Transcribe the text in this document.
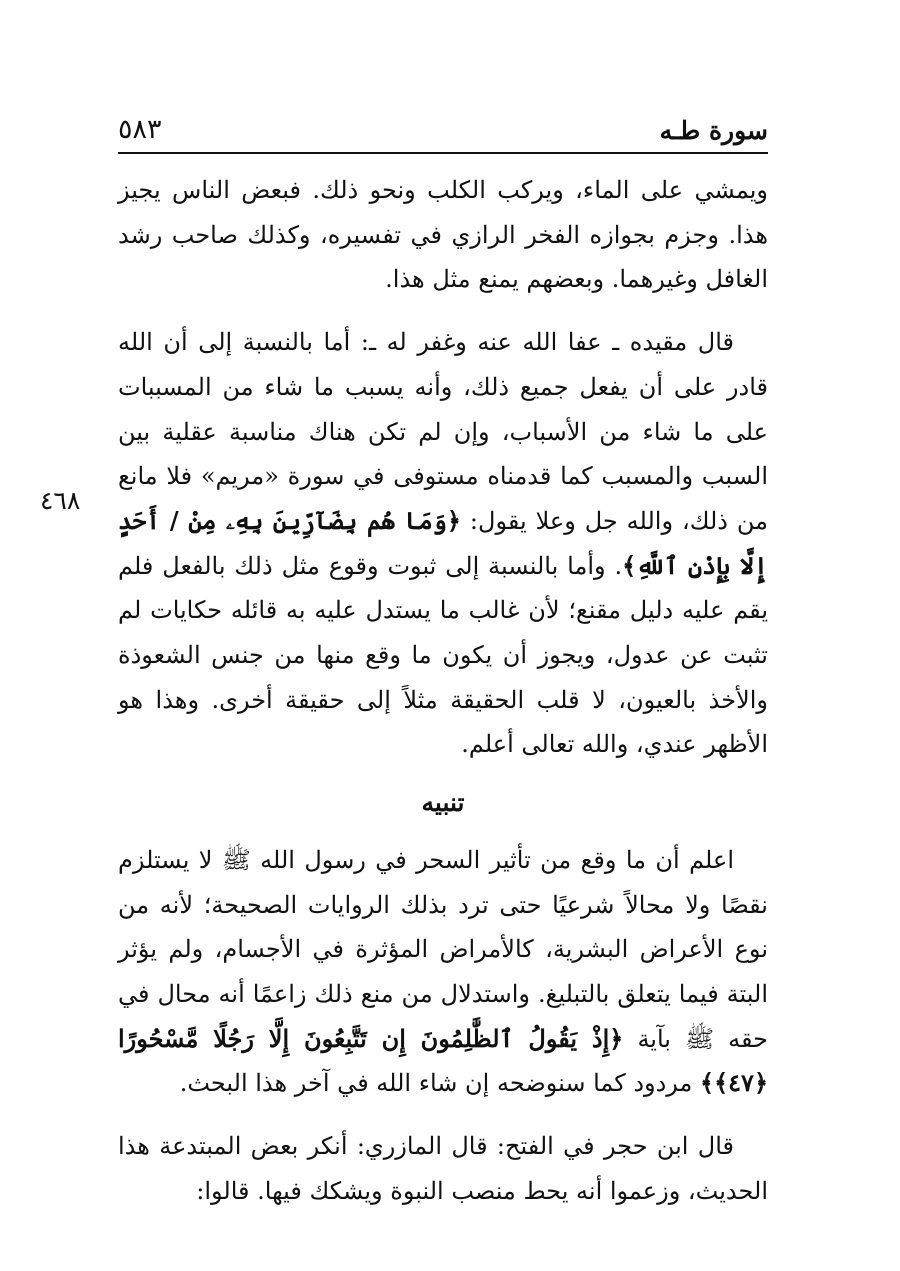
سورة طـه
٥٨٣
٤٦٨

ويمشي على الماء، ويركب الكلب ونحو ذلك. فبعض الناس يجيز هذا. وجزم بجوازه الفخر الرازي في تفسيره، وكذلك صاحب رشد الغافل وغيرهما. وبعضهم يمنع مثل هذا.

قال مقيده ـ عفا الله عنه وغفر له ـ: أما بالنسبة إلى أن الله قادر على أن يفعل جميع ذلك، وأنه يسبب ما شاء من المسببات على ما شاء من الأسباب، وإن لم تكن هناك مناسبة عقلية بين السبب والمسبب كما قدمناه مستوفى في سورة «مريم» فلا مانع من ذلك، والله جل وعلا يقول: ﴿وَمَا هُم بِضَآرِّينَ بِهِۦ مِنْ / أَحَدٍ إِلَّا بِإِذْنِ ٱللَّهِ﴾. وأما بالنسبة إلى ثبوت وقوع مثل ذلك بالفعل فلم يقم عليه دليل مقنع؛ لأن غالب ما يستدل عليه به قائله حكايات لم تثبت عن عدول، ويجوز أن يكون ما وقع منها من جنس الشعوذة والأخذ بالعيون، لا قلب الحقيقة مثلاً إلى حقيقة أخرى. وهذا هو الأظهر عندي، والله تعالى أعلم.

تنبيه

اعلم أن ما وقع من تأثير السحر في رسول الله ﷺ لا يستلزم نقصًا ولا محالاً شرعيًا حتى ترد بذلك الروايات الصحيحة؛ لأنه من نوع الأعراض البشرية، كالأمراض المؤثرة في الأجسام، ولم يؤثر البتة فيما يتعلق بالتبليغ. واستدلال من منع ذلك زاعمًا أنه محال في حقه ﷺ بآية ﴿إِذْ يَقُولُ ٱلظَّٰلِمُونَ إِن تَتَّبِعُونَ إِلَّا رَجُلًا مَّسْحُورًا ﴿٤٧﴾﴾ مردود كما سنوضحه إن شاء الله في آخر هذا البحث.

قال ابن حجر في الفتح: قال المازري: أنكر بعض المبتدعة هذا الحديث، وزعموا أنه يحط منصب النبوة ويشكك فيها. قالوا:
